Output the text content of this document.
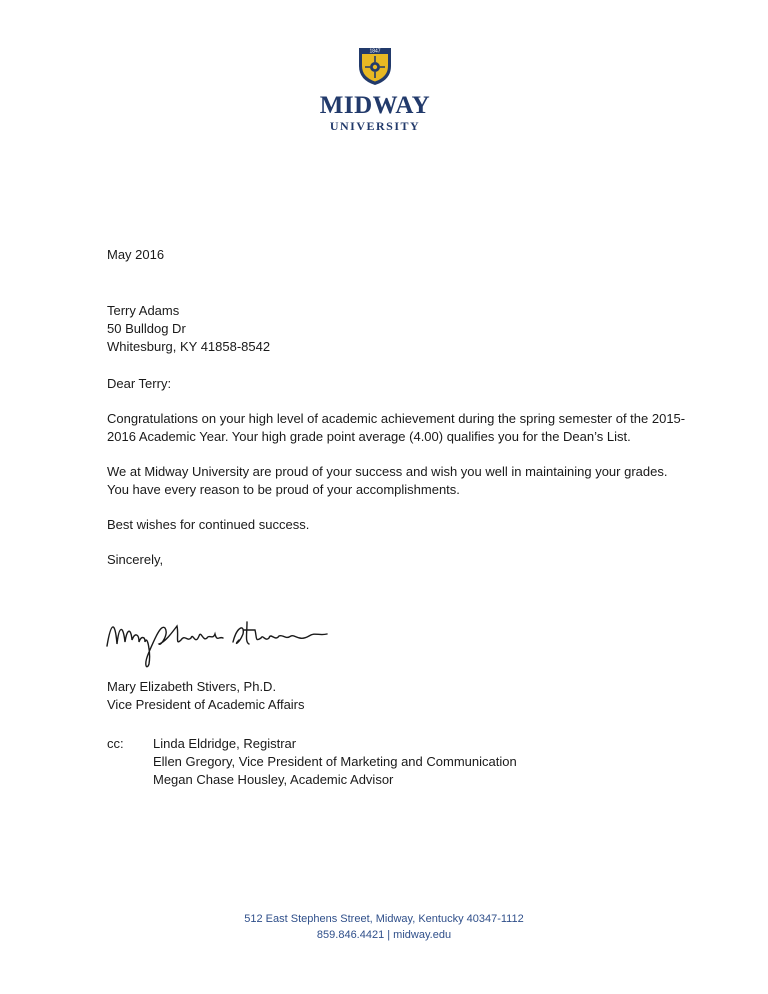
1847
MIDWAY
UNIVERSITY

May 2016

Terry Adams

50 Bulldog Dr

Whitesburg, KY 41858-8542

Dear Terry:

Congratulations on your high level of academic achievement during the spring semester of the 2015-2016 Academic Year. Your high grade point average (4.00) qualifies you for the Dean’s List.

We at Midway University are proud of your success and wish you well in maintaining your grades. You have every reason to be proud of your accomplishments.

Best wishes for continued success.

Sincerely,

Mary Elizabeth Stivers, Ph.D.
Vice President of Academic Affairs
cc:	Linda Eldridge, Registrar
Ellen Gregory, Vice President of Marketing and Communication
Megan Chase Housley, Academic Advisor
512 East Stephens Street, Midway, Kentucky 40347-1112
859.846.4421 | midway.edu
